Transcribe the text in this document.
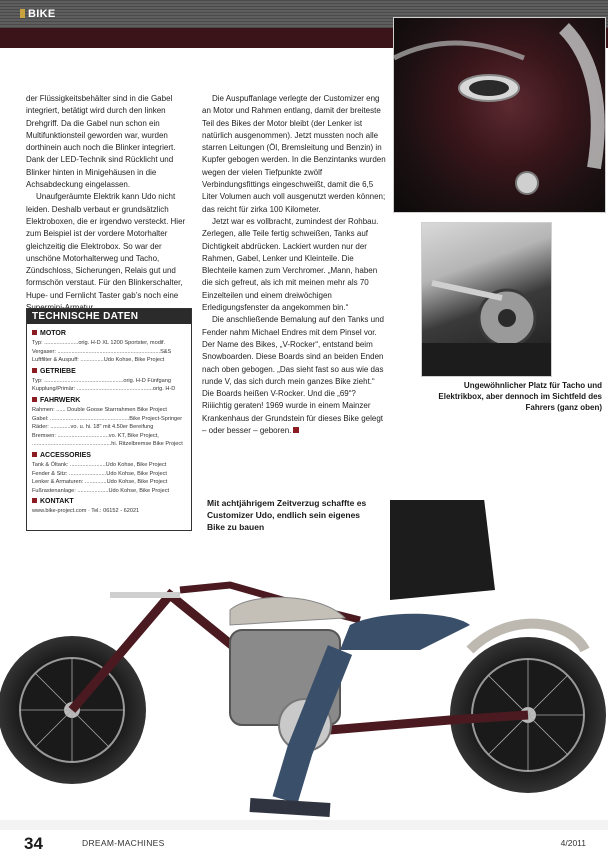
BIKE
Ungewöhnlicher Platz für Tacho und Elektrikbox, aber dennoch im Sichtfeld des Fahrers (ganz oben)

der Flüssigkeitsbehälter sind in die Gabel integriert, betätigt wird durch den linken Drehgriff. Da die Gabel nun schon ein Multifunktionsteil geworden war, wurden dorthinein auch noch die Blinker integriert. Dank der LED-Technik sind Rücklicht und Blinker hinten in Minigehäusen in die Achsabdeckung eingelassen.

Unaufgeräumte Elektrik kann Udo nicht leiden. Deshalb verbaut er grundsätzlich Elektroboxen, die er irgendwo versteckt. Hier zum Beispiel ist der vordere Motorhalter gleichzeitig die Elektrobox. So war der unschöne Motorhalterweg und Tacho, Zündschloss, Sicherungen, Relais gut und formschön verstaut. Für den Blinkerschalter, Hupe- und Fernlicht Taster gab’s noch eine

Die Auspuffanlage verlegte der Customizer eng an Motor und Rahmen entlang, damit der breiteste Teil des Bikes der Motor bleibt (der Lenker ist natürlich ausgenommen). Jetzt mussten noch alle starren Leitungen (Öl, Bremsleitung und Benzin) in Kupfer gebogen werden. In die Benzintanks wurden wegen der vielen Tiefpunkte zwölf Verbindungsfittings eingeschweißt, damit die 6,5 Liter Volumen auch voll ausgenutzt werden können; das reicht für zirka 100 Kilometer.

Jetzt war es vollbracht, zumindest der Rohbau. Zerlegen, alle Teile fertig schweißen, Tanks auf Dichtigkeit abdrücken. Lackiert wurden nur der Rahmen, Gabel, Lenker und Kleinteile. Die Blechteile kamen zum Verchromer. „Mann, haben die sich gefreut, als ich mit meinen mehr als 70 Einzelteilen und einem dreiwöchigen Erledigungsfenster da angekommen bin.“

Die anschließende Bemalung auf den Tanks und Fender nahm Michael Endres mit dem Pinsel vor. Der Name des Bikes, „V-Rocker“, entstand beim Snowboarden. Diese Boards sind an beiden Enden nach oben gebogen. „Das sieht fast so aus wie das runde V, das sich durch mein ganzes Bike zieht.“ Die Boards heißen V-Rocker. Und die „69“? Riiiichtig geraten! 1969 wurde in einem Mainzer Krankenhaus der Grundstein für dieses Bike gelegt – oder besser – geboren.

TECHNISCHE DATEN
MOTOR
Typ: ......................orig. H-D XL 1200 Sportster, modif.
Vergaser: ..................................................................S&S
Luftfilter & Auspuff: ...............Udo Kohse, Bike Project
GETRIEBE
Typ: ...................................................orig. H-D Fünfgang
Kupplung/Primär: .................................................orig. H-D
FAHRWERK
Rahmen: ...... Double Goose Starrrahmen Bike Project
Gabel: ...................................................Bike Project-Springer
Räder: .............vo. u. hi. 18" mit 4.50er Bereifung
Bremsen: .................................vo. KT, Bike Project,
...................................................hi. Ritzelbremse Bike Project
ACCESSORIES
Tank & Öltank: .......................Udo Kohse, Bike Project
Fender & Sitz: ........................Udo Kohse, Bike Project
Lenker & Armaturen: ..............Udo Kohse, Bike Project
Fußrastenanlage: ....................Udo Kohse, Bike Project
KONTAKT
www.bike-project.com · Tel.: 06152 - 62021
Mit achtjährigem Zeitverzug schaffte es Customizer Udo, endlich sein eigenes Bike zu bauen
34	DREAM-MACHINES	4/2011
